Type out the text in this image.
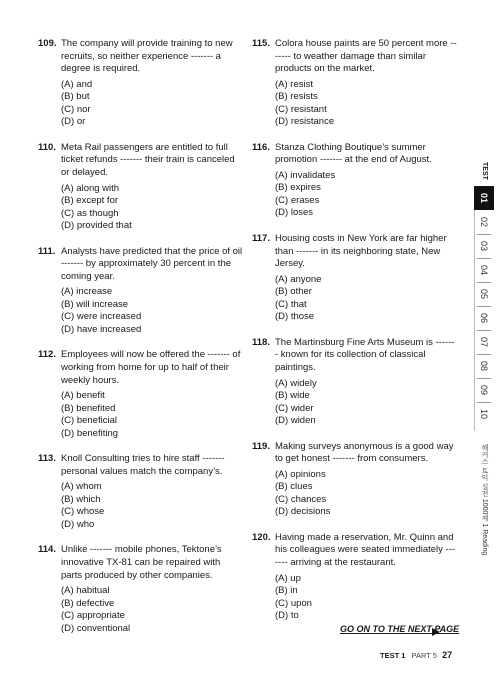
109. The company will provide training to new recruits, so neither experience ------- a degree is required.
(A) and
(B) but
(C) nor
(D) or
110. Meta Rail passengers are entitled to full ticket refunds ------- their train is canceled or delayed.
(A) along with
(B) except for
(C) as though
(D) provided that
111. Analysts have predicted that the price of oil ------- by approximately 30 percent in the coming year.
(A) increase
(B) will increase
(C) were increased
(D) have increased
112. Employees will now be offered the ------- of working from home for up to half of their weekly hours.
(A) benefit
(B) benefited
(C) beneficial
(D) benefiting
113. Knoll Consulting tries to hire staff ------- personal values match the company’s.
(A) whom
(B) which
(C) whose
(D) who
114. Unlike ------- mobile phones, Tektone’s innovative TX-81 can be repaired with parts produced by other companies.
(A) habitual
(B) defective
(C) appropriate
(D) conventional
115. Colora house paints are 50 percent more ------- to weather damage than similar products on the market.
(A) resist
(B) resists
(C) resistant
(D) resistance
116. Stanza Clothing Boutique’s summer promotion ------- at the end of August.
(A) invalidates
(B) expires
(C) erases
(D) loses
117. Housing costs in New York are far higher than ------- in its neighboring state, New Jersey.
(A) anyone
(B) other
(C) that
(D) those
118. The Martinsburg Fine Arts Museum is ------- known for its collection of classical paintings.
(A) widely
(B) wide
(C) wider
(D) widen
119. Making surveys anonymous is a good way to get honest ------- from consumers.
(A) opinions
(B) clues
(C) chances
(D) decisions
120. Having made a reservation, Mr. Quinn and his colleagues were seated immediately ------- arriving at the restaurant.
(A) up
(B) in
(C) upon
(D) to
TEST
01
02
03
04
05
06
07
08
09
10
해커스 토익 실전 1000제 1 Reading
GO ON TO THE NEXT PAGE
TEST 1 PART 5 27
